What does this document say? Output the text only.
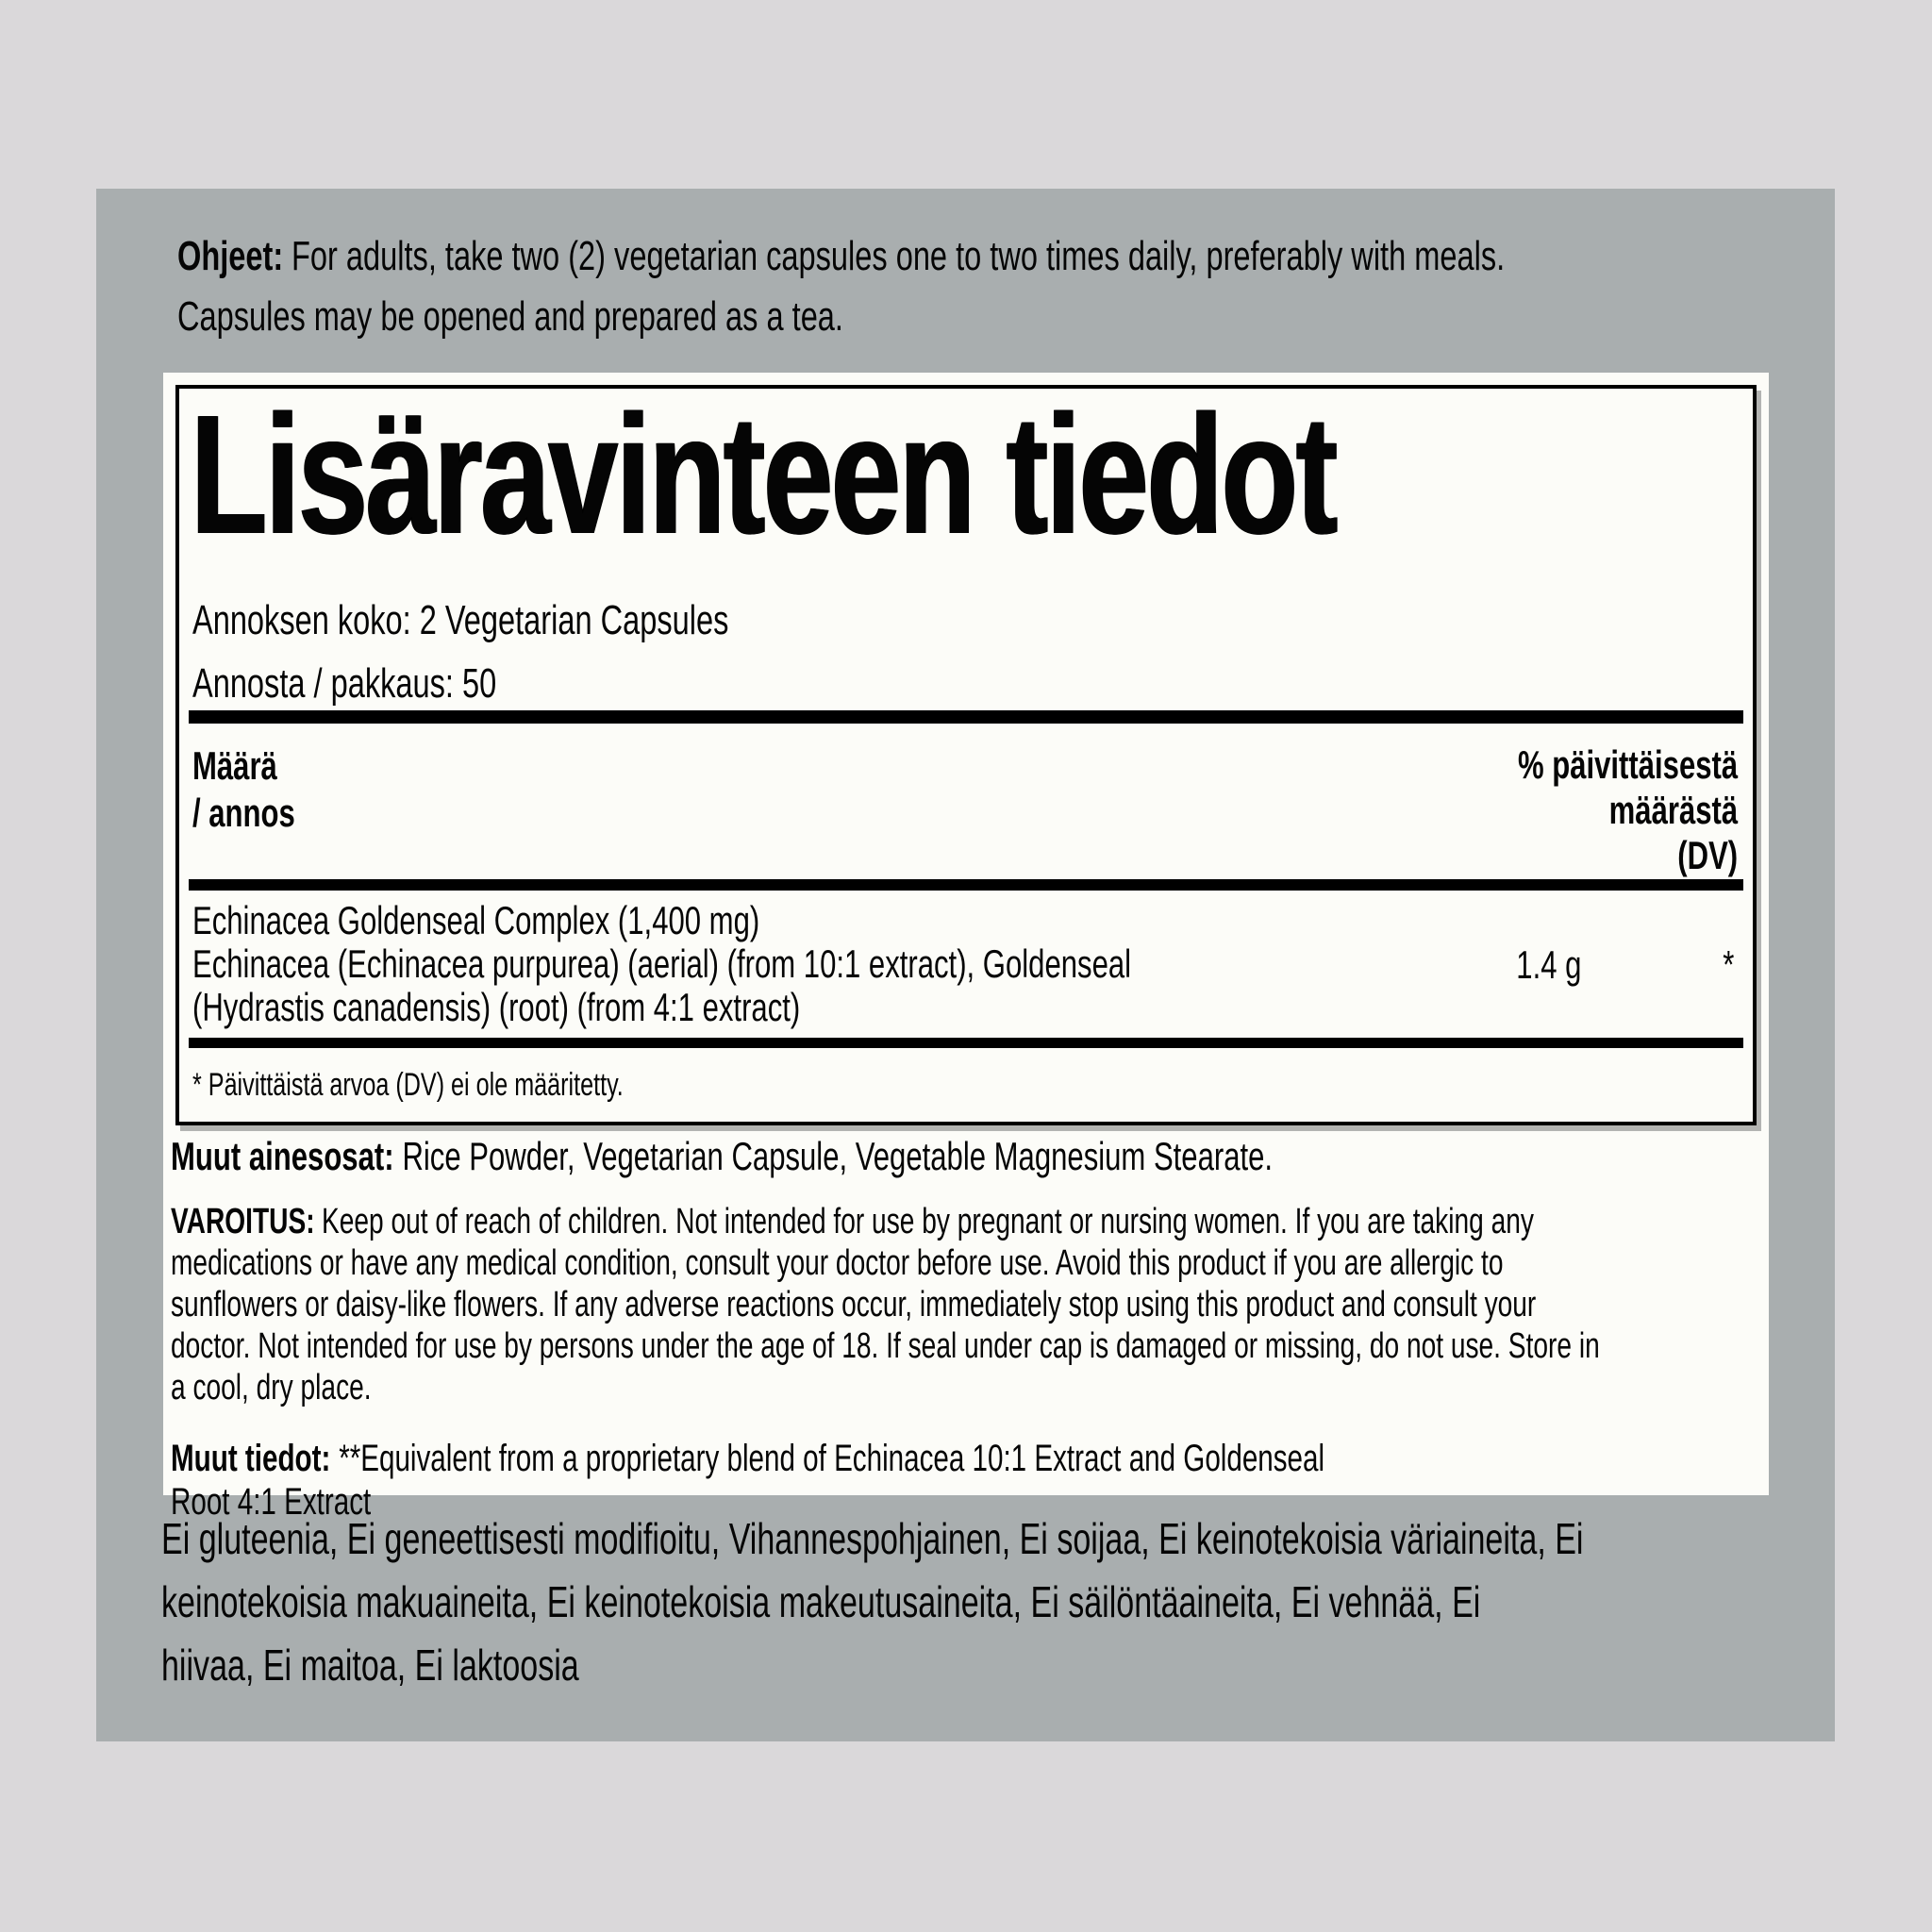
Ohjeet: For adults, take two (2) vegetarian capsules one to two times daily, preferably with meals.
Capsules may be opened and prepared as a tea.

Lisäravinteen tiedot

Annoksen koko: 2 Vegetarian Capsules

Annosta / pakkaus: 50

Määrä
/ annos

% päivittäisestä
määrästä
(DV)

Echinacea Goldenseal Complex (1,400 mg)
Echinacea (Echinacea purpurea) (aerial) (from 10:1 extract), Goldenseal
(Hydrastis canadensis) (root) (from 4:1 extract)

1.4 g	*

* Päivittäistä arvoa (DV) ei ole määritetty.

Muut ainesosat: Rice Powder, Vegetarian Capsule, Vegetable Magnesium Stearate.

VAROITUS: Keep out of reach of children. Not intended for use by pregnant or nursing women. If you are taking any
medications or have any medical condition, consult your doctor before use. Avoid this product if you are allergic to
sunflowers or daisy-like flowers. If any adverse reactions occur, immediately stop using this product and consult your
doctor. Not intended for use by persons under the age of 18. If seal under cap is damaged or missing, do not use. Store in
a cool, dry place.

Muut tiedot: **Equivalent from a proprietary blend of Echinacea 10:1 Extract and Goldenseal Root 4:1 Extract

Ei gluteenia, Ei geneettisesti modifioitu, Vihannespohjainen, Ei soijaa, Ei keinotekoisia väriaineita, Ei
keinotekoisia makuaineita, Ei keinotekoisia makeutusaineita, Ei säilöntäaineita, Ei vehnää, Ei
hiivaa, Ei maitoa, Ei laktoosia
